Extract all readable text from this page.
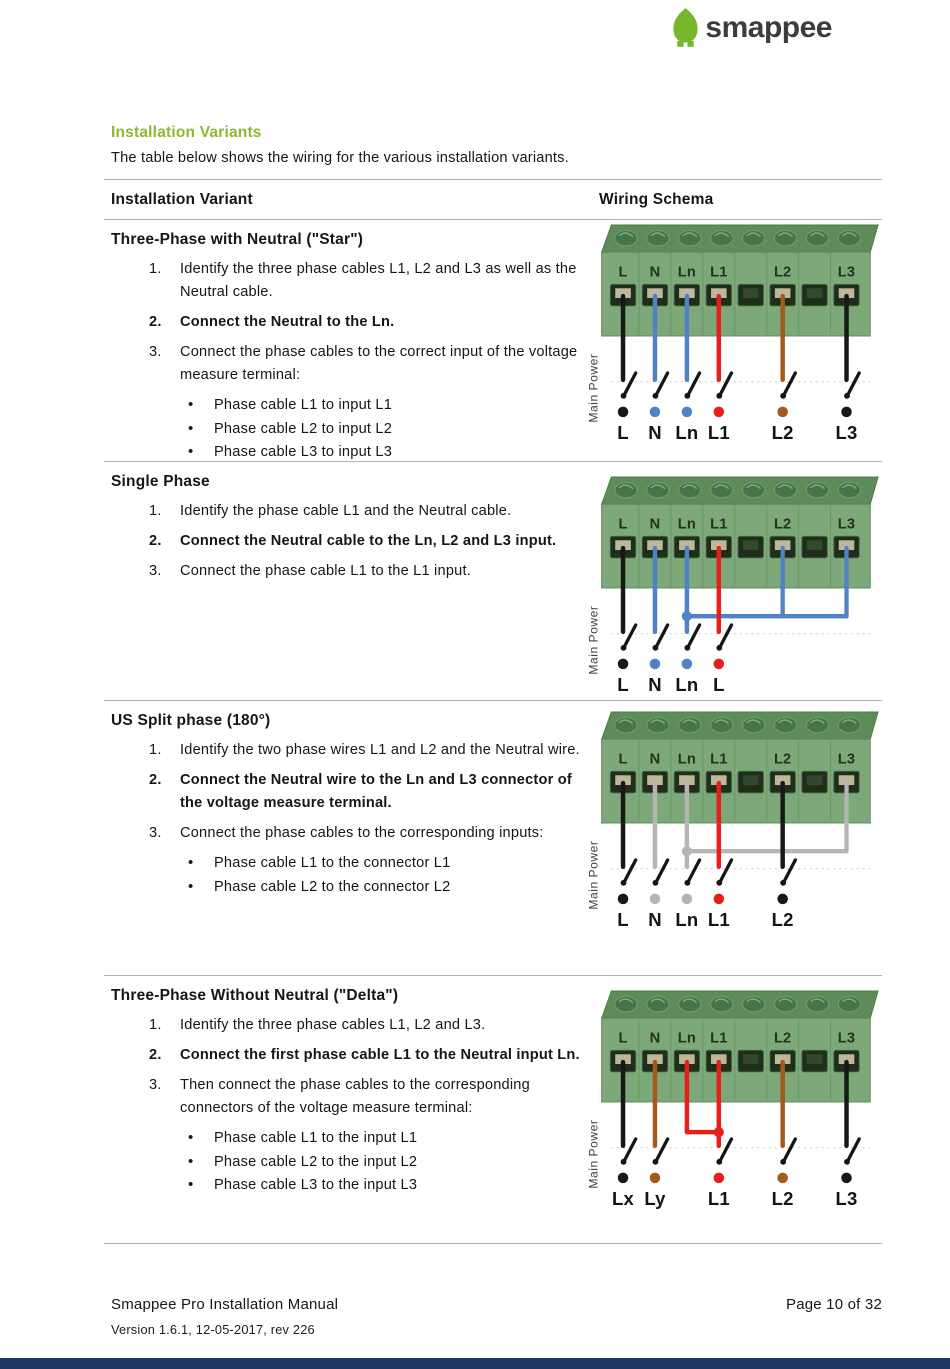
smappee
Installation Variants
The table below shows the wiring for the various installation variants.
Installation Variant	Wiring Schema
Three-Phase with Neutral ("Star")
1.	Identify the three phase cables L1, L2 and L3 as well as the Neutral cable.
2.	Connect the Neutral to the Ln.
3.	Connect the phase cables to the correct input of the voltage measure terminal:
• Phase cable L1 to input L1
• Phase cable L2 to input L2
• Phase cable L3 to input L3
L N Ln L1	L2	L3
L N Ln L1 L2 L3
Main Power
Single Phase
1.	Identify the phase cable L1 and the Neutral cable.
2.	Connect the Neutral cable to the Ln, L2 and L3 input.
3.	Connect the phase cable L1 to the L1 input.
L N Ln L1	L2	L3
L N Ln L
Main Power
US Split phase (180°)
1.	Identify the two phase wires L1 and L2 and the Neutral wire.
2.	Connect the Neutral wire to the Ln and L3 connector of the voltage measure terminal.
3.	Connect the phase cables to the corresponding inputs:
• Phase cable L1 to the connector L1
• Phase cable L2 to the connector L2
L N Ln L1	L2	L3
L N Ln L1 L2
Main Power
Three-Phase Without Neutral ("Delta")
1.	Identify the three phase cables L1, L2 and L3.
2.	Connect the first phase cable L1 to the Neutral input Ln.
3.	Then connect the phase cables to the corresponding connectors of the voltage measure terminal:
• Phase cable L1 to the input L1
• Phase cable L2 to the input L2
• Phase cable L3 to the input L3
L N Ln L1	L2	L3
Lx Ly L1 L2 L3
Main Power
Smappee Pro Installation Manual	Page 10 of 32
Version 1.6.1, 12-05-2017, rev 226
